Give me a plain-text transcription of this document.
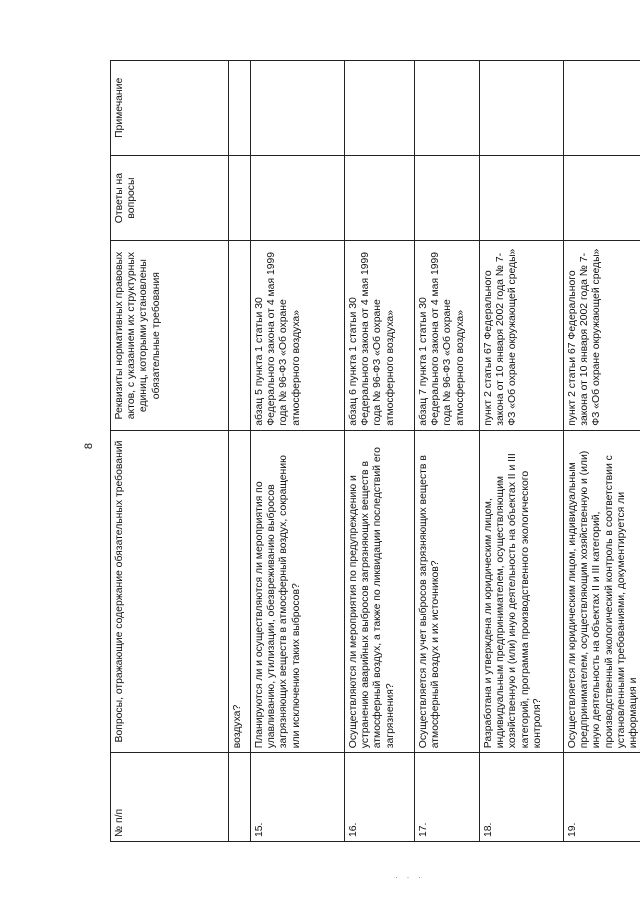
8
№ п/п	Вопросы, отражающие содержание обязательных требований	Реквизиты нормативных правовых актов, с указанием их структурных единиц, которыми установлены обязательные требования	Ответы на вопросы	Примечание
	воздуха?			
15.	Планируются ли и осуществляются ли мероприятия по улавливанию, утилизации, обезвреживанию выбросов загрязняющих веществ в атмосферный воздух, сокращению или исключению таких выбросов?	абзац 5 пункта 1 статьи 30 Федерального закона от 4 мая 1999 года № 96-ФЗ «Об охране атмосферного воздуха»		
16.	Осуществляются ли мероприятия по предупреждению и устранению аварийных выбросов загрязняющих веществ в атмосферный воздух, а также по ликвидации последствий его загрязнения?	абзац 6 пункта 1 статьи 30 Федерального закона от 4 мая 1999 года № 96-ФЗ «Об охране атмосферного воздуха»		
17.	Осуществляется ли учет выбросов загрязняющих веществ в атмосферный воздух и их источников?	абзац 7 пункта 1 статьи 30 Федерального закона от 4 мая 1999 года № 96-ФЗ «Об охране атмосферного воздуха»		
18.	Разработана и утверждена ли юридическим лицом, индивидуальным предпринимателем, осуществляющим хозяйственную и (или) иную деятельность на объектах II и III категорий, программа производственного экологического контроля?	пункт 2 статьи 67 Федерального закона от 10 января 2002 года № 7-ФЗ «Об охране окружающей среды»		
19.	Осуществляется ли юридическим лицом, индивидуальным предпринимателем, осуществляющим хозяйственную и (или) иную деятельность на объектах II и III категорий, производственный экологический контроль в соответствии с установленными требованиями, документируется ли информация и	пункт 2 статьи 67 Федерального закона от 10 января 2002 года № 7-ФЗ «Об охране окружающей среды»		
· · ·
